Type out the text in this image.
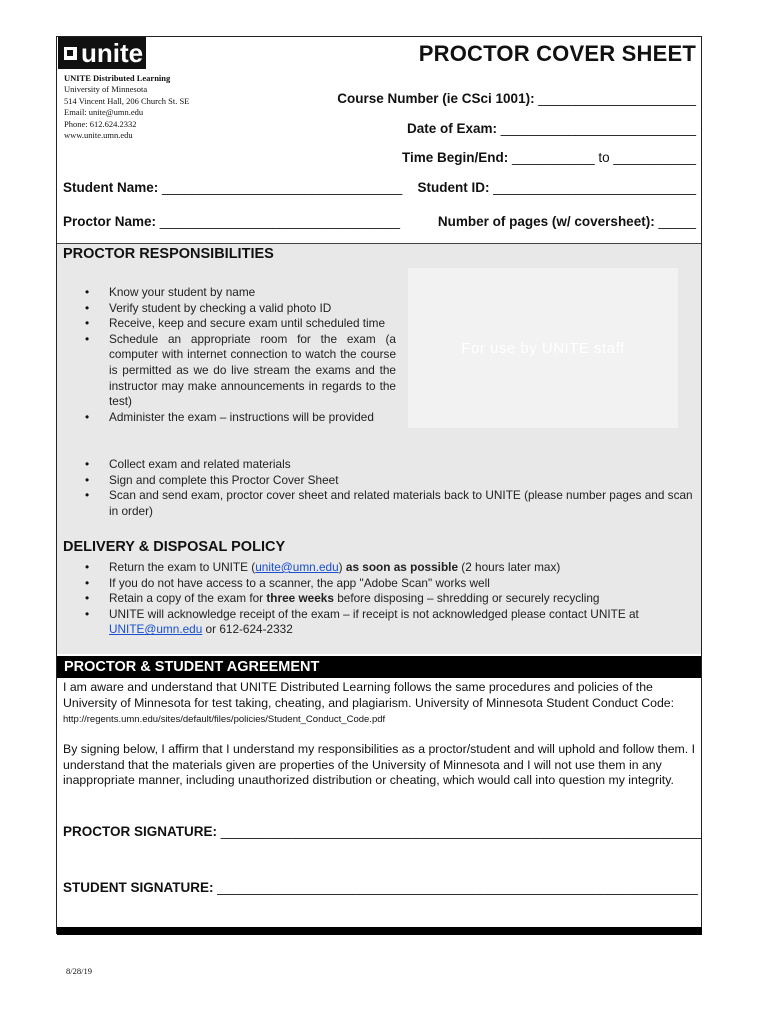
unite
UNITE Distributed Learning
University of Minnesota
514 Vincent Hall, 206 Church St. SE
Email: unite@umn.edu
Phone: 612.624.2332
www.unite.umn.edu
PROCTOR COVER SHEET
Course Number (ie CSci 1001): _____________________
Date of Exam: __________________________
Time Begin/End: ___________ to ___________
Student Name: ________________________________ Student ID: ___________________________
Proctor Name: ________________________________	Number of pages (w/ coversheet): _____
PROCTOR RESPONSIBILITIES
For use by UNITE staff
• Know your student by name
• Verify student by checking a valid photo ID
• Receive, keep and secure exam until scheduled time
• Schedule an appropriate room for the exam (a computer with internet connection to watch the course is permitted as we do live stream the exams and the instructor may make announcements in regards to the test)
• Administer the exam – instructions will be provided
• Collect exam and related materials
• Sign and complete this Proctor Cover Sheet
• Scan and send exam, proctor cover sheet and related materials back to UNITE (please number pages and scan in order)
DELIVERY & DISPOSAL POLICY
• Return the exam to UNITE (unite@umn.edu) as soon as possible (2 hours later max)
• If you do not have access to a scanner, the app "Adobe Scan" works well
• Retain a copy of the exam for three weeks before disposing – shredding or securely recycling
• UNITE will acknowledge receipt of the exam – if receipt is not acknowledged please contact UNITE at UNITE@umn.edu or 612-624-2332
PROCTOR & STUDENT AGREEMENT
I am aware and understand that UNITE Distributed Learning follows the same procedures and policies of the University of Minnesota for test taking, cheating, and plagiarism. University of Minnesota Student Conduct Code: http://regents.umn.edu/sites/default/files/policies/Student_Conduct_Code.pdf
By signing below, I affirm that I understand my responsibilities as a proctor/student and will uphold and follow them. I understand that the materials given are properties of the University of Minnesota and I will not use them in any inappropriate manner, including unauthorized distribution or cheating, which would call into question my integrity.
PROCTOR SIGNATURE: ________________________________________________________________
STUDENT SIGNATURE: ________________________________________________________________
8/28/19
